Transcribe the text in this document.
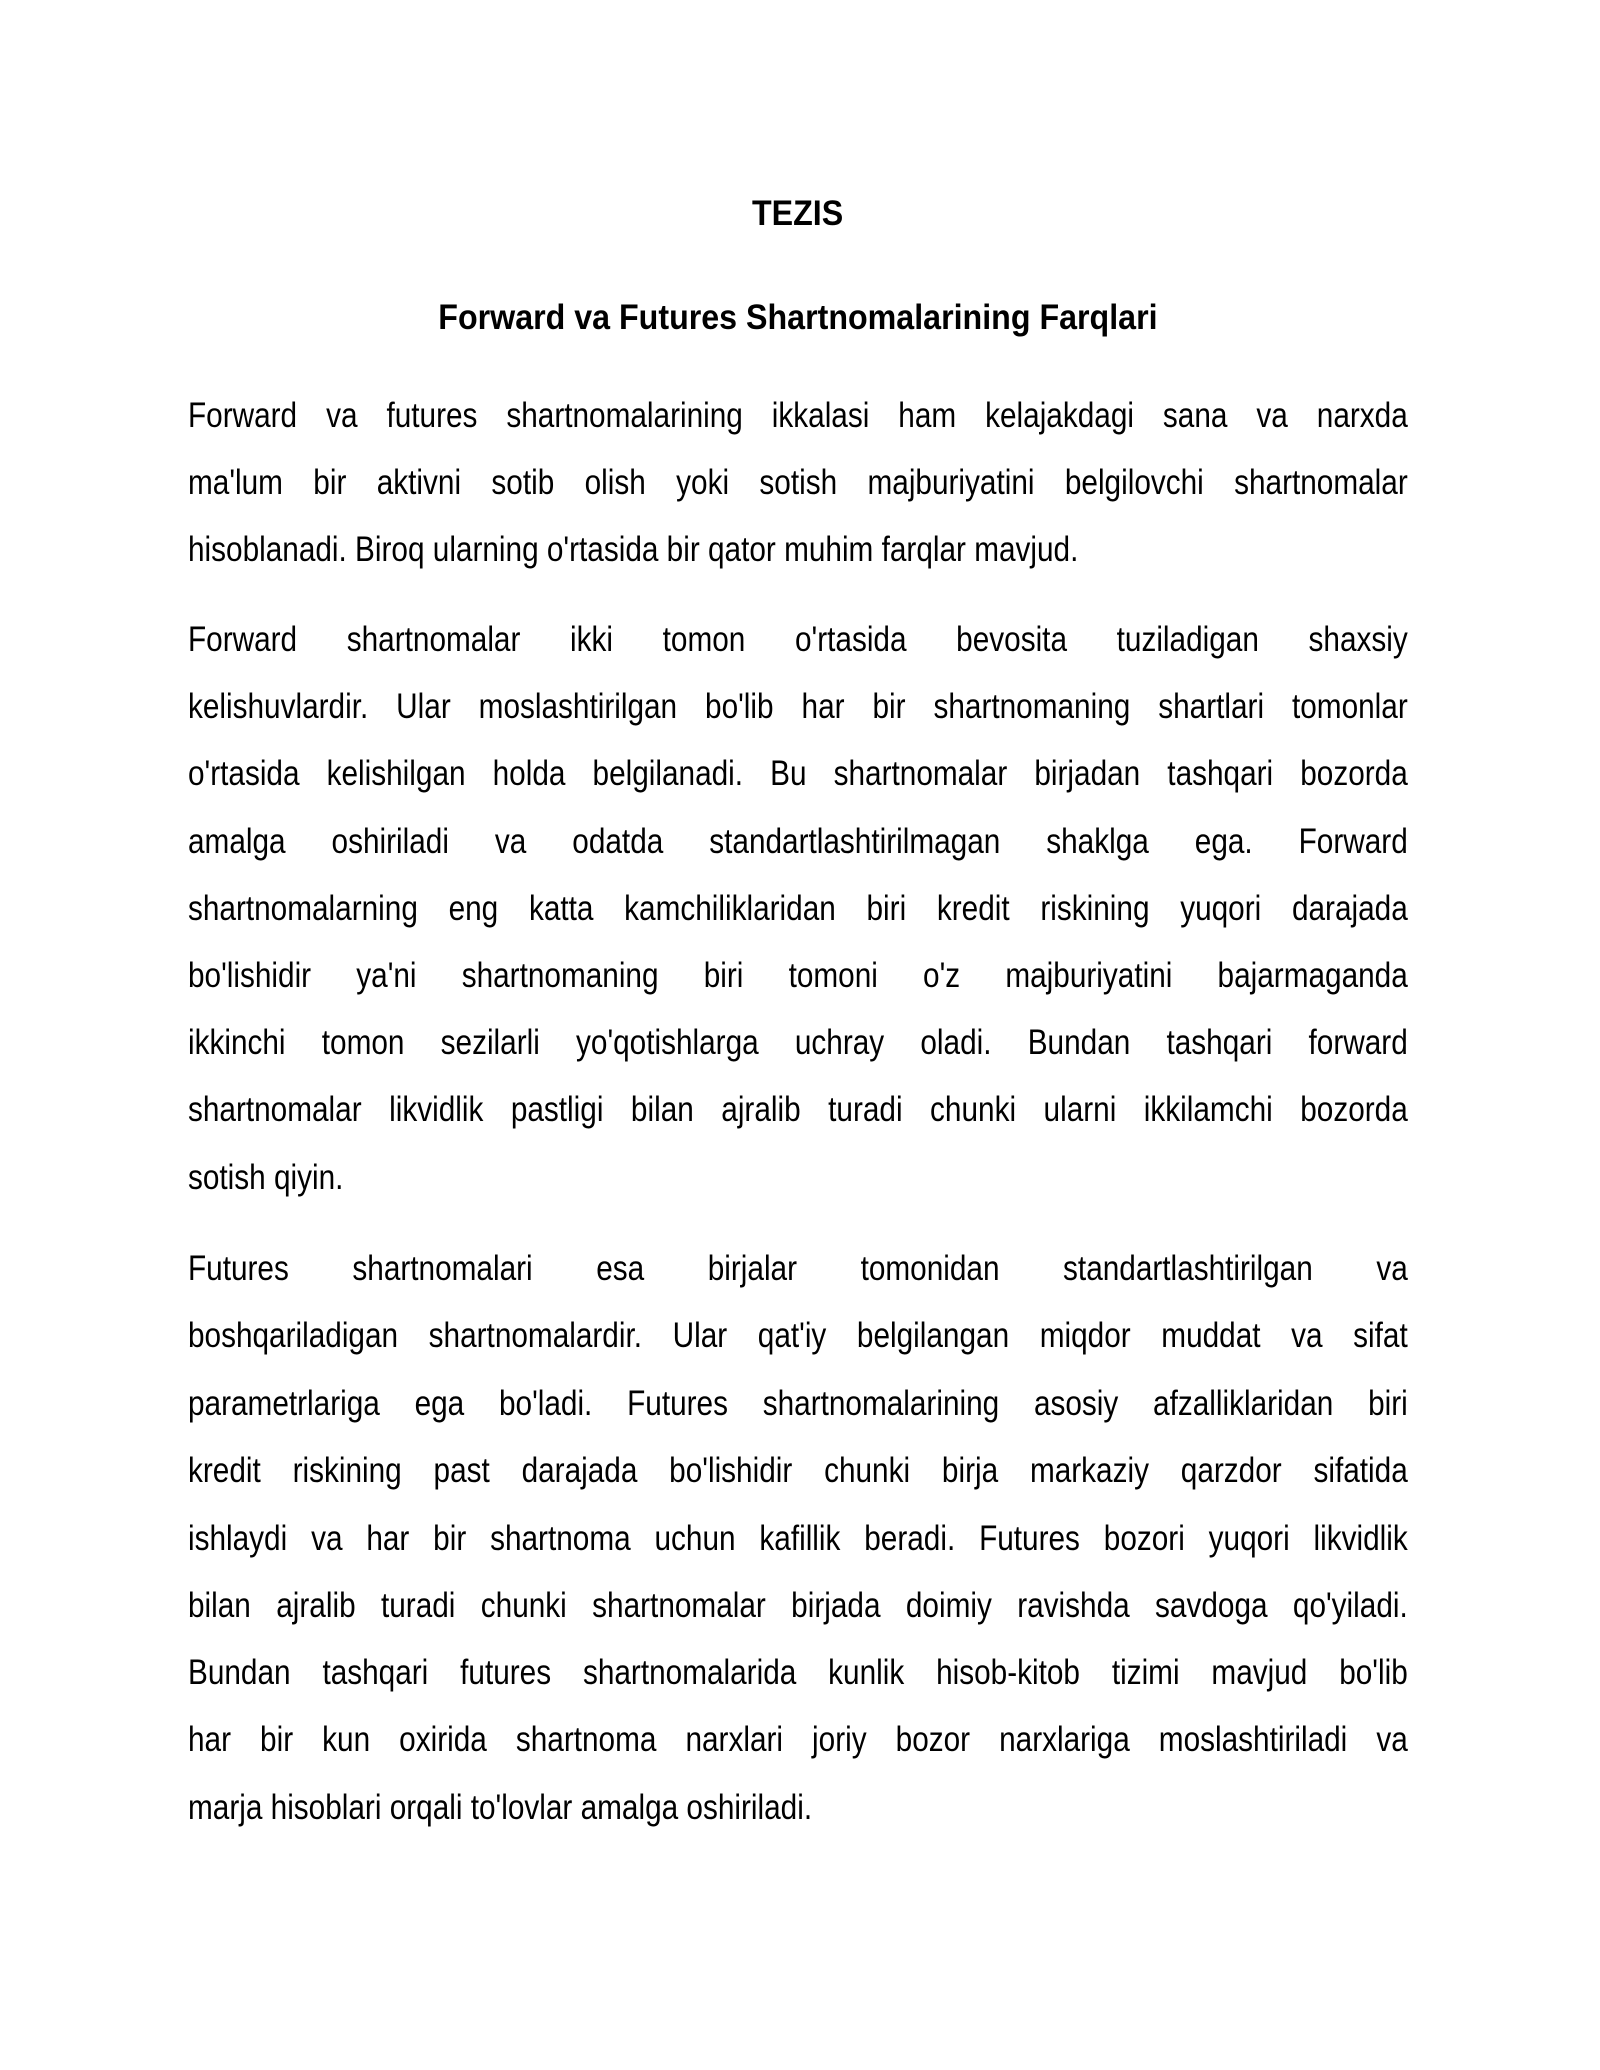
TEZIS
Forward va Futures Shartnomalarining Farqlari
Forward va futures shartnomalarining ikkalasi ham kelajakdagi sana va narxda
ma'lum bir aktivni sotib olish yoki sotish majburiyatini belgilovchi shartnomalar
hisoblanadi. Biroq ularning o'rtasida bir qator muhim farqlar mavjud.
Forward shartnomalar ikki tomon o'rtasida bevosita tuziladigan shaxsiy
kelishuvlardir. Ular moslashtirilgan bo'lib har bir shartnomaning shartlari tomonlar
o'rtasida kelishilgan holda belgilanadi. Bu shartnomalar birjadan tashqari bozorda
amalga oshiriladi va odatda standartlashtirilmagan shaklga ega. Forward
shartnomalarning eng katta kamchiliklaridan biri kredit riskining yuqori darajada
bo'lishidir ya'ni shartnomaning biri tomoni o'z majburiyatini bajarmaganda
ikkinchi tomon sezilarli yo'qotishlarga uchray oladi. Bundan tashqari forward
shartnomalar likvidlik pastligi bilan ajralib turadi chunki ularni ikkilamchi bozorda
sotish qiyin.
Futures shartnomalari esa birjalar tomonidan standartlashtirilgan va
boshqariladigan shartnomalardir. Ular qat'iy belgilangan miqdor muddat va sifat
parametrlariga ega bo'ladi. Futures shartnomalarining asosiy afzalliklaridan biri
kredit riskining past darajada bo'lishidir chunki birja markaziy qarzdor sifatida
ishlaydi va har bir shartnoma uchun kafillik beradi. Futures bozori yuqori likvidlik
bilan ajralib turadi chunki shartnomalar birjada doimiy ravishda savdoga qo'yiladi.
Bundan tashqari futures shartnomalarida kunlik hisob-kitob tizimi mavjud bo'lib
har bir kun oxirida shartnoma narxlari joriy bozor narxlariga moslashtiriladi va
marja hisoblari orqali to'lovlar amalga oshiriladi.
